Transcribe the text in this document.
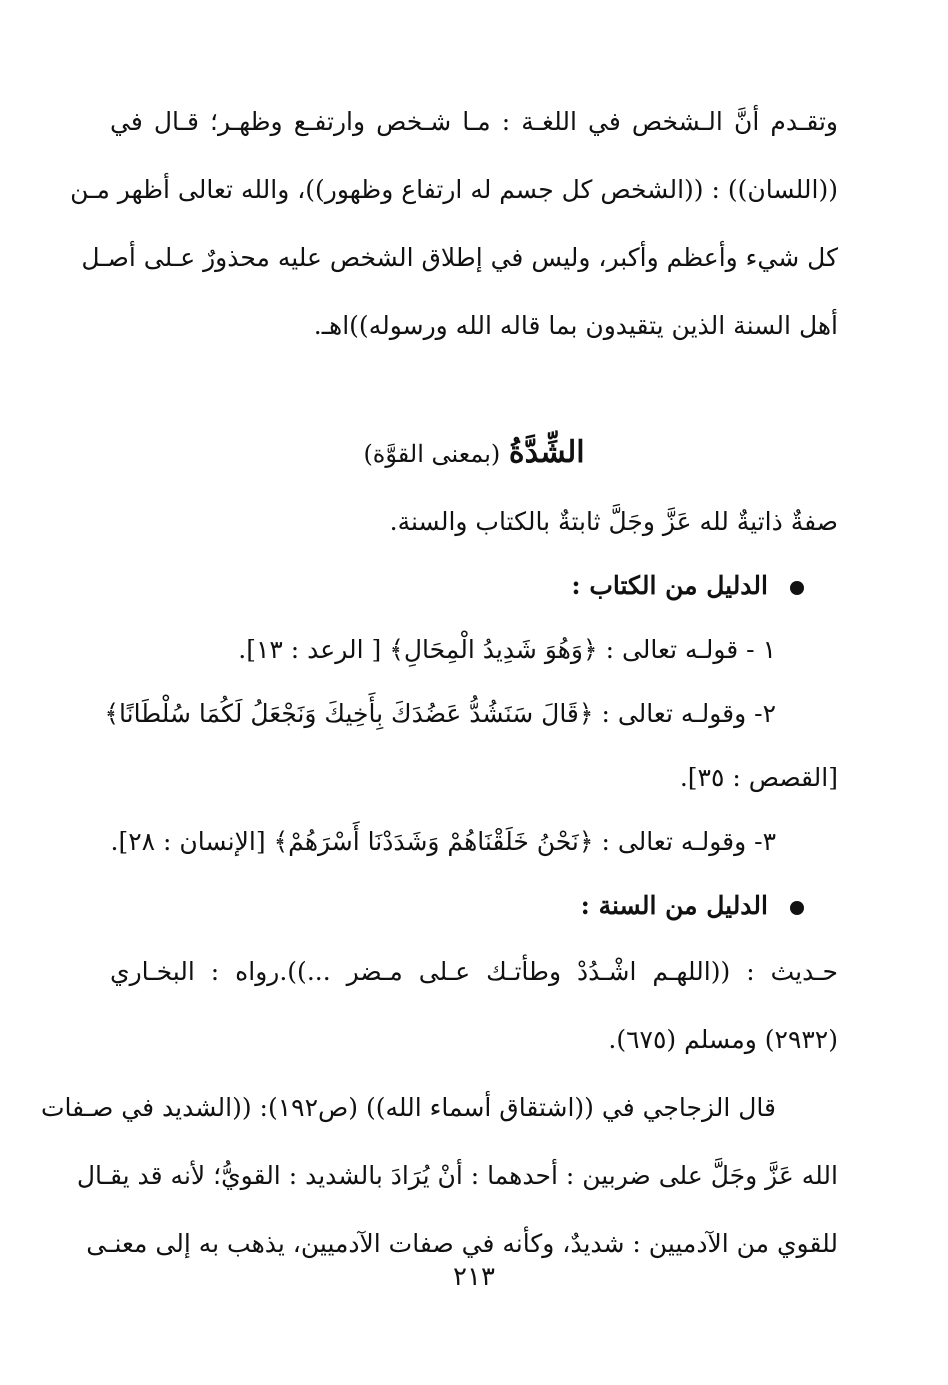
وتقـدم أنَّ الـشخص في اللغـة : مـا شـخص وارتفـع وظهـر؛ قـال في
((اللسان)) : ((الشخص كل جسم له ارتفاع وظهور))، والله تعالى أظهر مـن
كل شيء وأعظم وأكبر، وليس في إطلاق الشخص عليه محذورٌ عـلى أصـل
أهل السنة الذين يتقيدون بما قاله الله ورسوله))اهـ.
الشِّدَّةُ (بمعنى القوَّة)
صفةٌ ذاتيةٌ لله عَزَّ وجَلَّ ثابتةٌ بالكتاب والسنة.
الدليل من الكتاب :
١ - قولـه تعالى : ﴿وَهُوَ شَدِيدُ الْمِحَالِ﴾ [ الرعد : ١٣].
٢- وقولـه تعالى : ﴿قَالَ سَنَشُدُّ عَضُدَكَ بِأَخِيكَ وَنَجْعَلُ لَكُمَا سُلْطَانًا﴾
[القصص : ٣٥].
٣- وقولـه تعالى : ﴿نَحْنُ خَلَقْنَاهُمْ وَشَدَدْنَا أَسْرَهُمْ﴾ [الإنسان : ٢٨].
الدليل من السنة :
حـديث : ((اللهـم اشْـدُدْ وطأتـك عـلى مـضر ...)).رواه : البخـاري
(٢٩٣٢) ومسلم (٦٧٥).
قال الزجاجي في ((اشتقاق أسماء الله)) (ص١٩٢): ((الشديد في صـفات
الله عَزَّ وجَلَّ على ضربين : أحدهما : أنْ يُرَادَ بالشديد : القويُّ؛ لأنه قد يقـال
للقوي من الآدميين : شديدٌ، وكأنه في صفات الآدميين، يذهب به إلى معنـى
٢١٣
